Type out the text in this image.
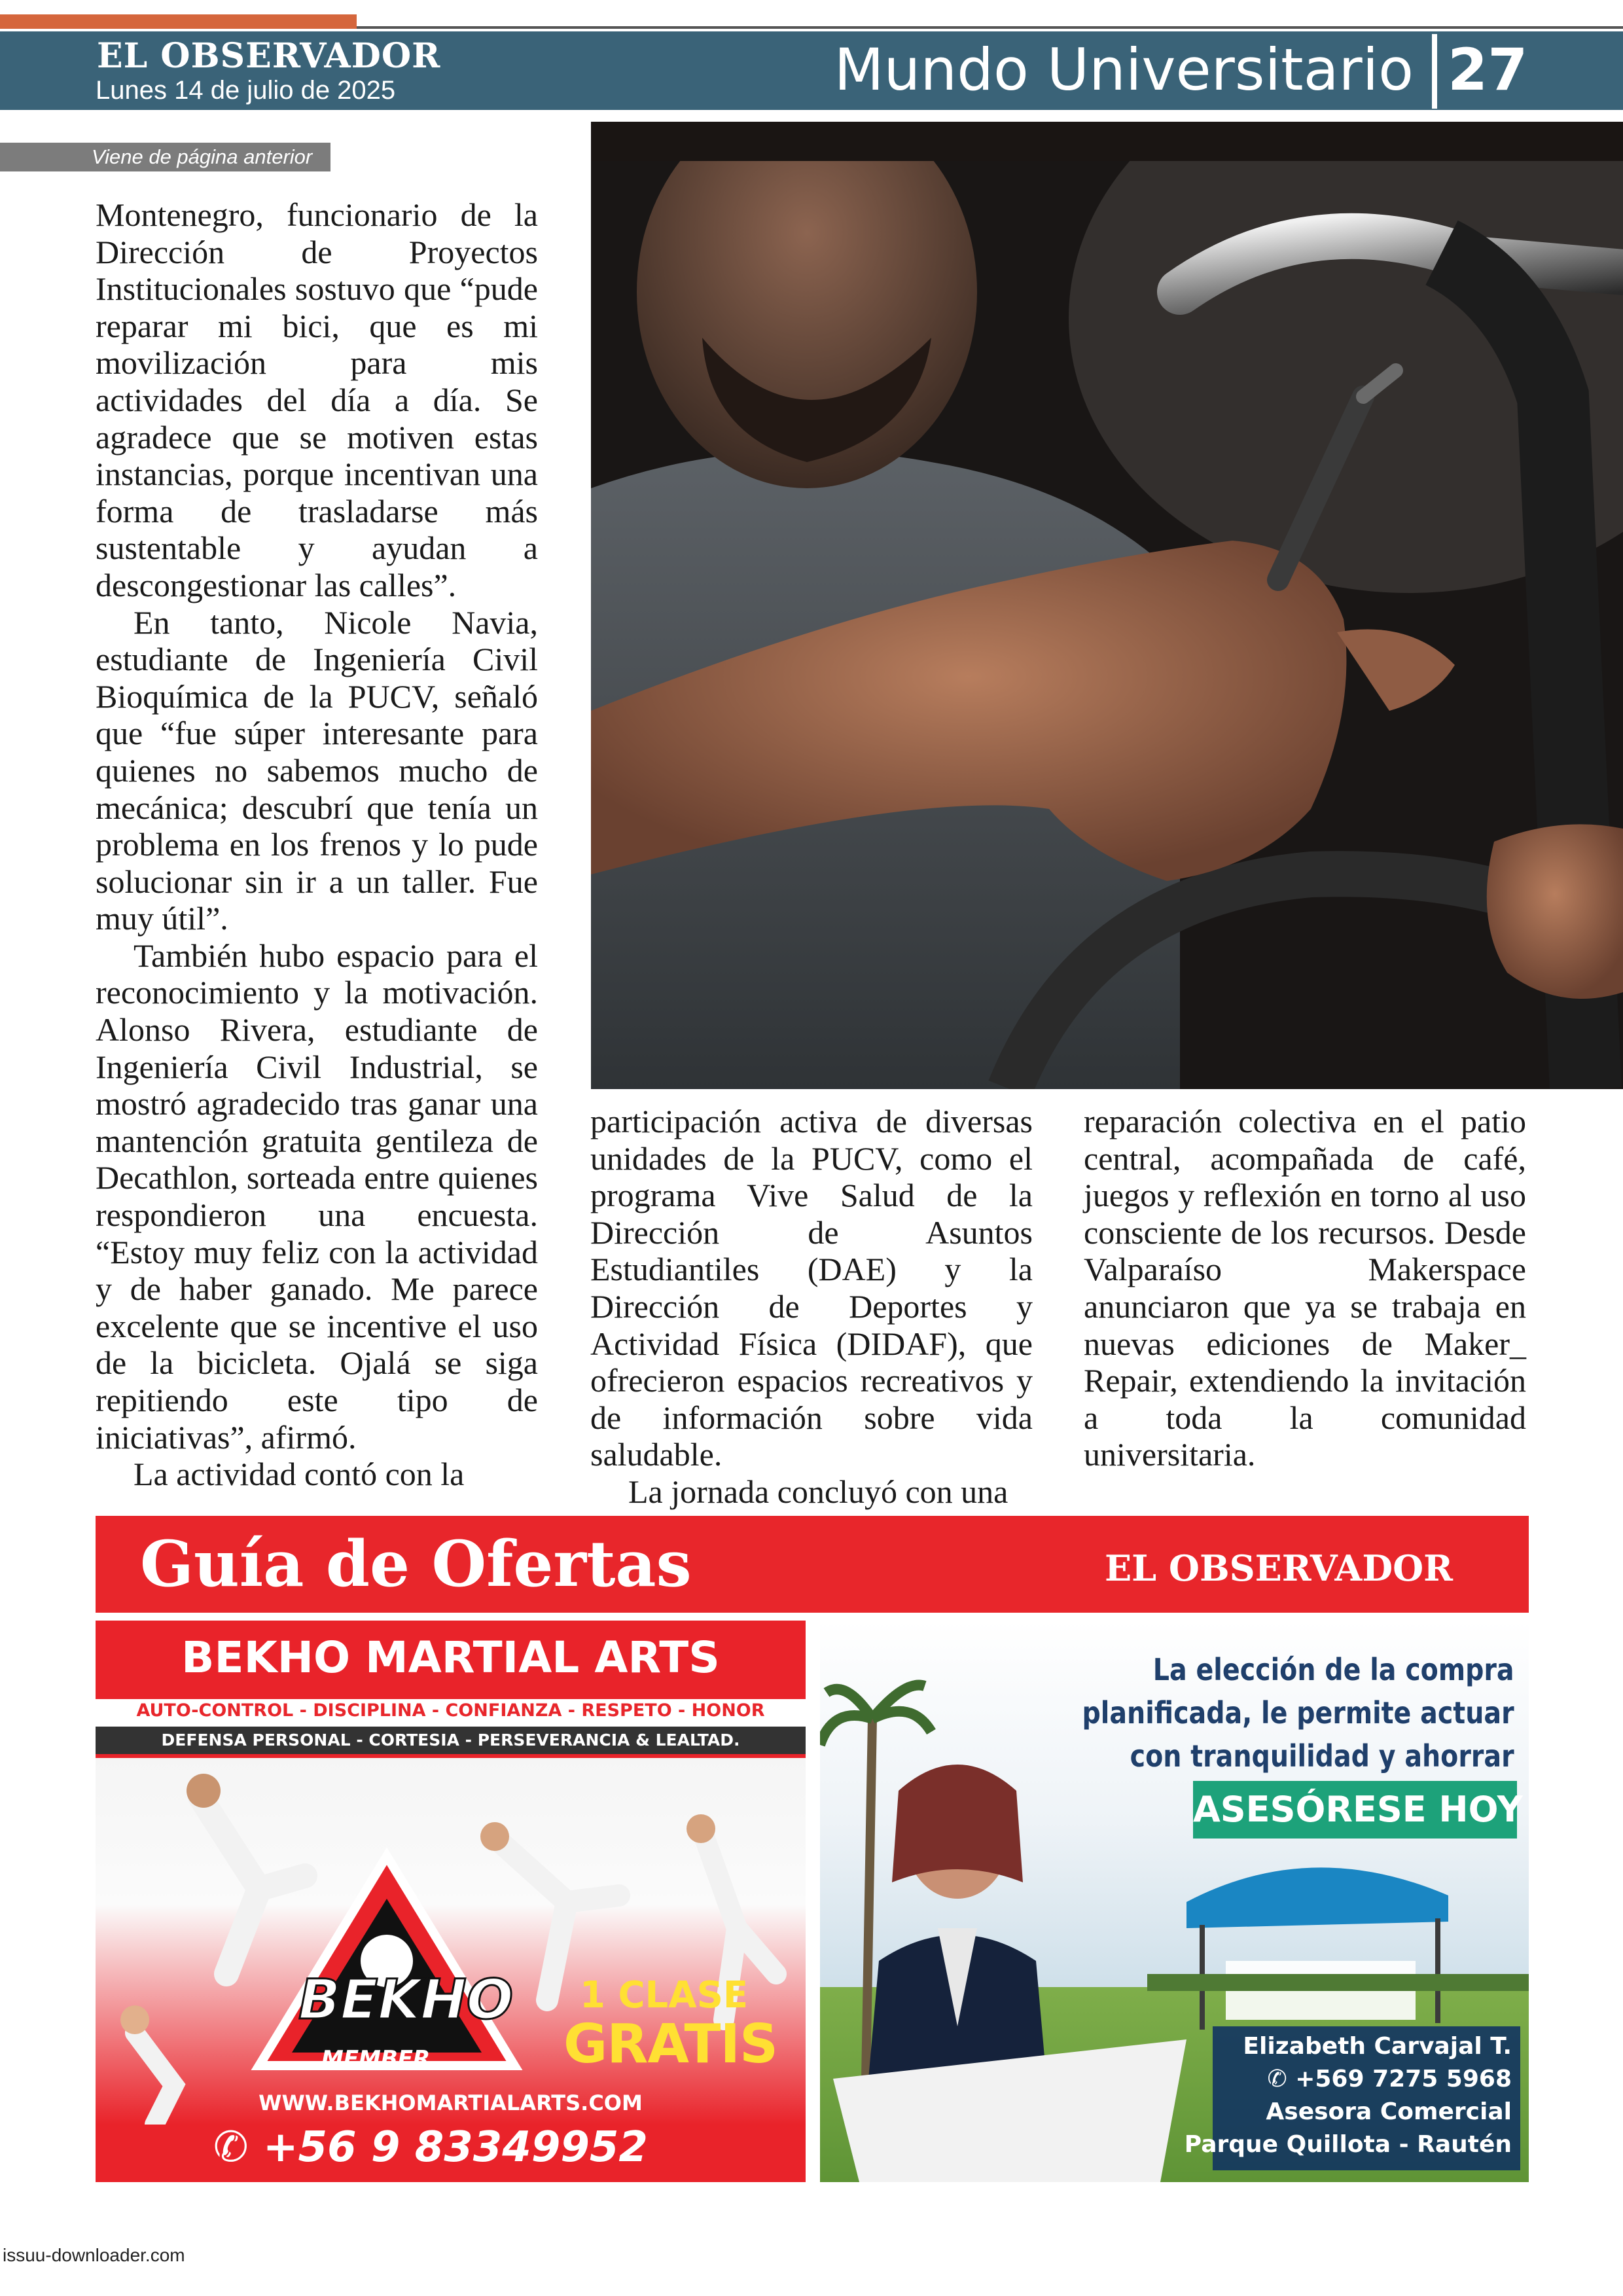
EL OBSERVADOR
Lunes 14 de julio de 2025	Mundo Universitario 27
Viene de página anterior

Montenegro, funcionario de la Dirección de Proyectos Institucionales sostuvo que “pude reparar mi bici, que es mi movilización para mis actividades del día a día. Se agradece que se motiven estas instancias, porque incentivan una forma de trasladarse más sustentable y ayudan a descongestionar las calles”.

En tanto, Nicole Navia, estudiante de Ingeniería Civil Bioquímica de la PUCV, señaló que “fue súper interesante para quienes no sabemos mucho de mecánica; descubrí que tenía un problema en los frenos y lo pude solucionar sin ir a un taller. Fue muy útil”.

También hubo espacio para el reconocimiento y la motivación. Alonso Rivera, estudiante de Ingeniería Civil Industrial, se mostró agradecido tras ganar una mantención gratuita gentileza de Decathlon, sorteada entre quienes respondieron una encuesta. “Estoy muy feliz con la actividad y de haber ganado. Me parece excelente que se incentive el uso de la bicicleta. Ojalá se siga repitiendo este tipo de iniciativas”, afirmó.

La actividad contó con la

participación activa de diversas unidades de la PUCV, como el programa Vive Salud de la Dirección de Asuntos Estudiantiles (DAE) y la Dirección de Deportes y Actividad Física (DIDAF), que ofrecieron espacios recreativos y de información sobre vida saludable.

La jornada concluyó con una

reparación colectiva en el patio central, acompañada de café, juegos y reflexión en torno al uso consciente de los recursos. Desde Valparaíso Makerspace anunciaron que ya se trabaja en nuevas ediciones de Maker_ Repair, extendiendo la invitación a toda la comunidad universitaria.

Guía de Ofertas	EL OBSERVADOR
BEKHO MARTIAL ARTS
AUTO-CONTROL - DISCIPLINA - CONFIANZA - RESPETO - HONOR
DEFENSA PERSONAL - CORTESIA - PERSEVERANCIA & LEALTAD.
BEKHO
MEMBER
1 CLASE
GRATIS
WWW.BEKHOMARTIALARTS.COM
✆ +56 9 83349952
La elección de la compra
planificada, le permite actuar
con tranquilidad y ahorrar
ASESÓRESE HOY
Elizabeth Carvajal T.
✆ +569 7275 5968
Asesora Comercial
Parque Quillota - Rautén
issuu-downloader.com
